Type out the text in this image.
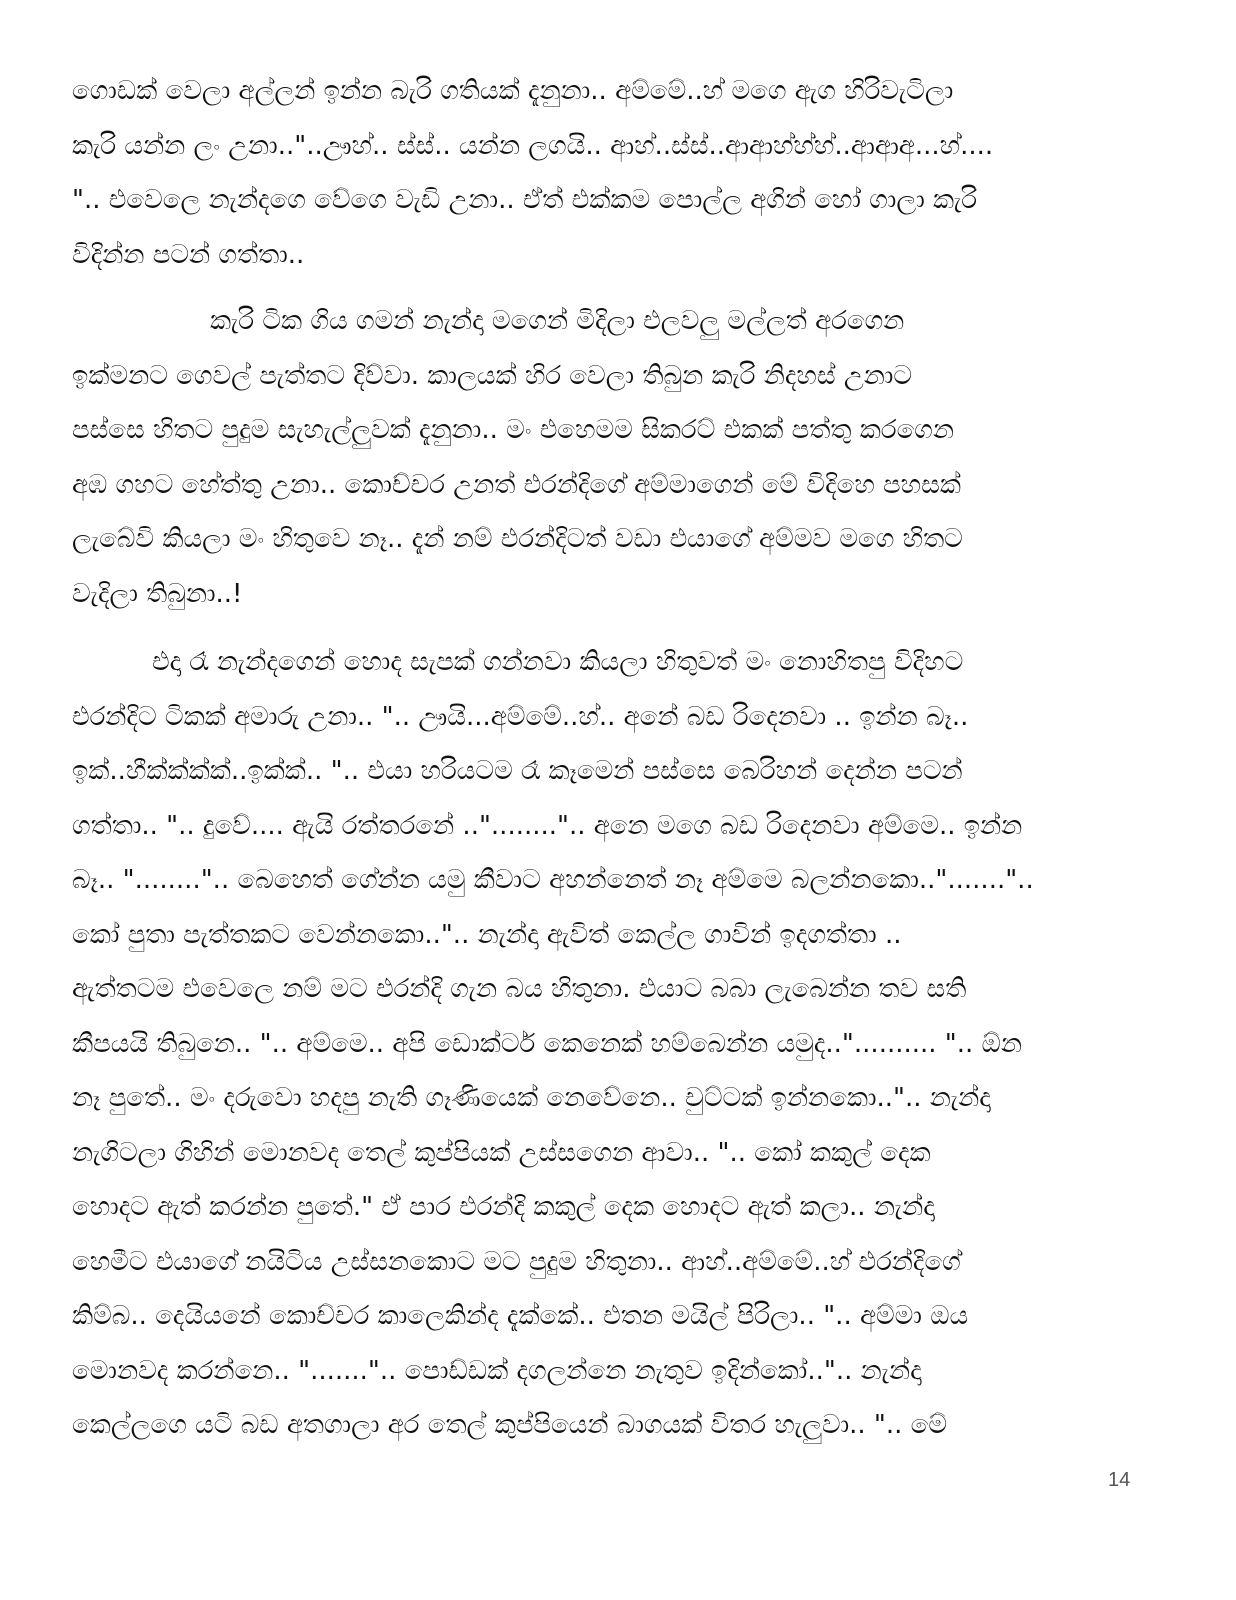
ගොඩක් වෙලා අල්ලන් ඉන්න බැරි ගතියක් දැනුනා.. අම්මේ..හ් මගෙ ඇග හිරිවැටිලා
කැරි යන්න ලං උනා.."..ඌහ්.. ස්ස්.. යන්න ලගයි.. ආහ්..ස්ස්..ආආහ්හ්හ්..ආආඅ...හ්....
".. එවෙලෙ නැන්දගෙ වේගෙ වැඩි උනා.. ඒත් එක්කම පොල්ල අගින් හෝ ගාලා කැරි
විදින්න පටන් ගත්තා..

කැරි ටික ගිය ගමන් නැන්දා මගෙන් මිදිලා එලවලු මල්ලත් අරගෙන
ඉක්මනට ගෙවල් පැත්තට දිව්වා. කාලයක් හිර වෙලා තිබුන කැරි නිදහස් උනාට
පස්සෙ හිතට පුදුම සැහැල්ලුවක් දැනුනා.. මං එහෙමම සිකරට් එකක් පත්තු කරගෙන
අඹ ගහට හේත්තු උනා.. කොච්චර උනත් එරන්දිගේ අම්මාගෙන් මේ විදිහෙ පහසක්
ලැබේවි කියලා මං හිතුවෙ නෑ.. දැන් නම් එරන්දිටත් වඩා එයාගේ අම්මව මගෙ හිතට
වැදිලා තිබුනා..!

එදා රෑ නැන්දගෙන් හොද සැපක් ගන්නවා කියලා හිතුවත් මං නොහිතපු විදිහට
එරන්දිට ටිකක් අමාරු උනා.. ".. ඌයි...අම්මේ..හ්.. අනේ බඩ රිදෙනවා .. ඉන්න බෑ..
ඉක්..හීක්ක්ක්ක්..ඉක්ක්.. ".. එයා හරියටම රෑ කෑමෙන් පස්සෙ බෙරිහන් දෙන්න පටන්
ගත්තා.. ".. දුවේ.... ඇයි රත්තරනේ .."........".. අනෙ මගෙ බඩ රිදෙනවා අම්මෙ.. ඉන්න
බෑ.. "........".. බෙහෙත් ගේන්න යමු කීවාට අහන්නෙත් නෑ අම්මෙ බලන්නකො.."......."..
කෝ පුතා පැත්තකට වෙන්නකො..".. නැන්දා ඇවිත් කෙල්ල ගාවින් ඉදගත්තා ..
ඇත්තටම එවෙලෙ නම් මට එරන්දි ගැන බය හිතුනා. එයාට බබා ලැබෙන්න තව සති
කීපයයි තිබුනෙ.. ".. අම්මෙ.. අපි ඩොක්ටර් කෙනෙක් හම්බෙන්න යමුද..".......... ".. ඕන
නෑ පුතේ.. මං දරුවො හදපු නැති ගෑණියෙක් නෙවේනෙ.. චුට්ටක් ඉන්නකො..".. නැන්දා
නැගිටලා ගිහින් මොනවද තෙල් කුප්පියක් උස්සගෙන ආවා.. ".. කෝ කකුල් දෙක
හොදට ඇත් කරන්න පුතේ." ඒ පාර එරන්දි කකුල් දෙක හොදට ඇත් කලා.. නැන්දා
හෙමීට එයාගේ නයිටිය උස්සනකොට මට පුදුම හිතුනා.. ආහ්..අම්මේ..හ් එරන්දිගේ
කිම්බ.. දෙයියනේ කොච්චර කාලෙකින්ද දැක්කේ.. එතන මයිල් පිරිලා.. ".. අම්මා ඔය
මොනවද කරන්නෙ.. ".......".. පොඩ්ඩක් දගලන්නෙ නැතුව ඉදින්කෝ..".. නැන්දා
කෙල්ලගෙ යටි බඩ අතගාලා අර තෙල් කුප්පියෙන් බාගයක් විතර හැලුවා.. ".. මේ

14
